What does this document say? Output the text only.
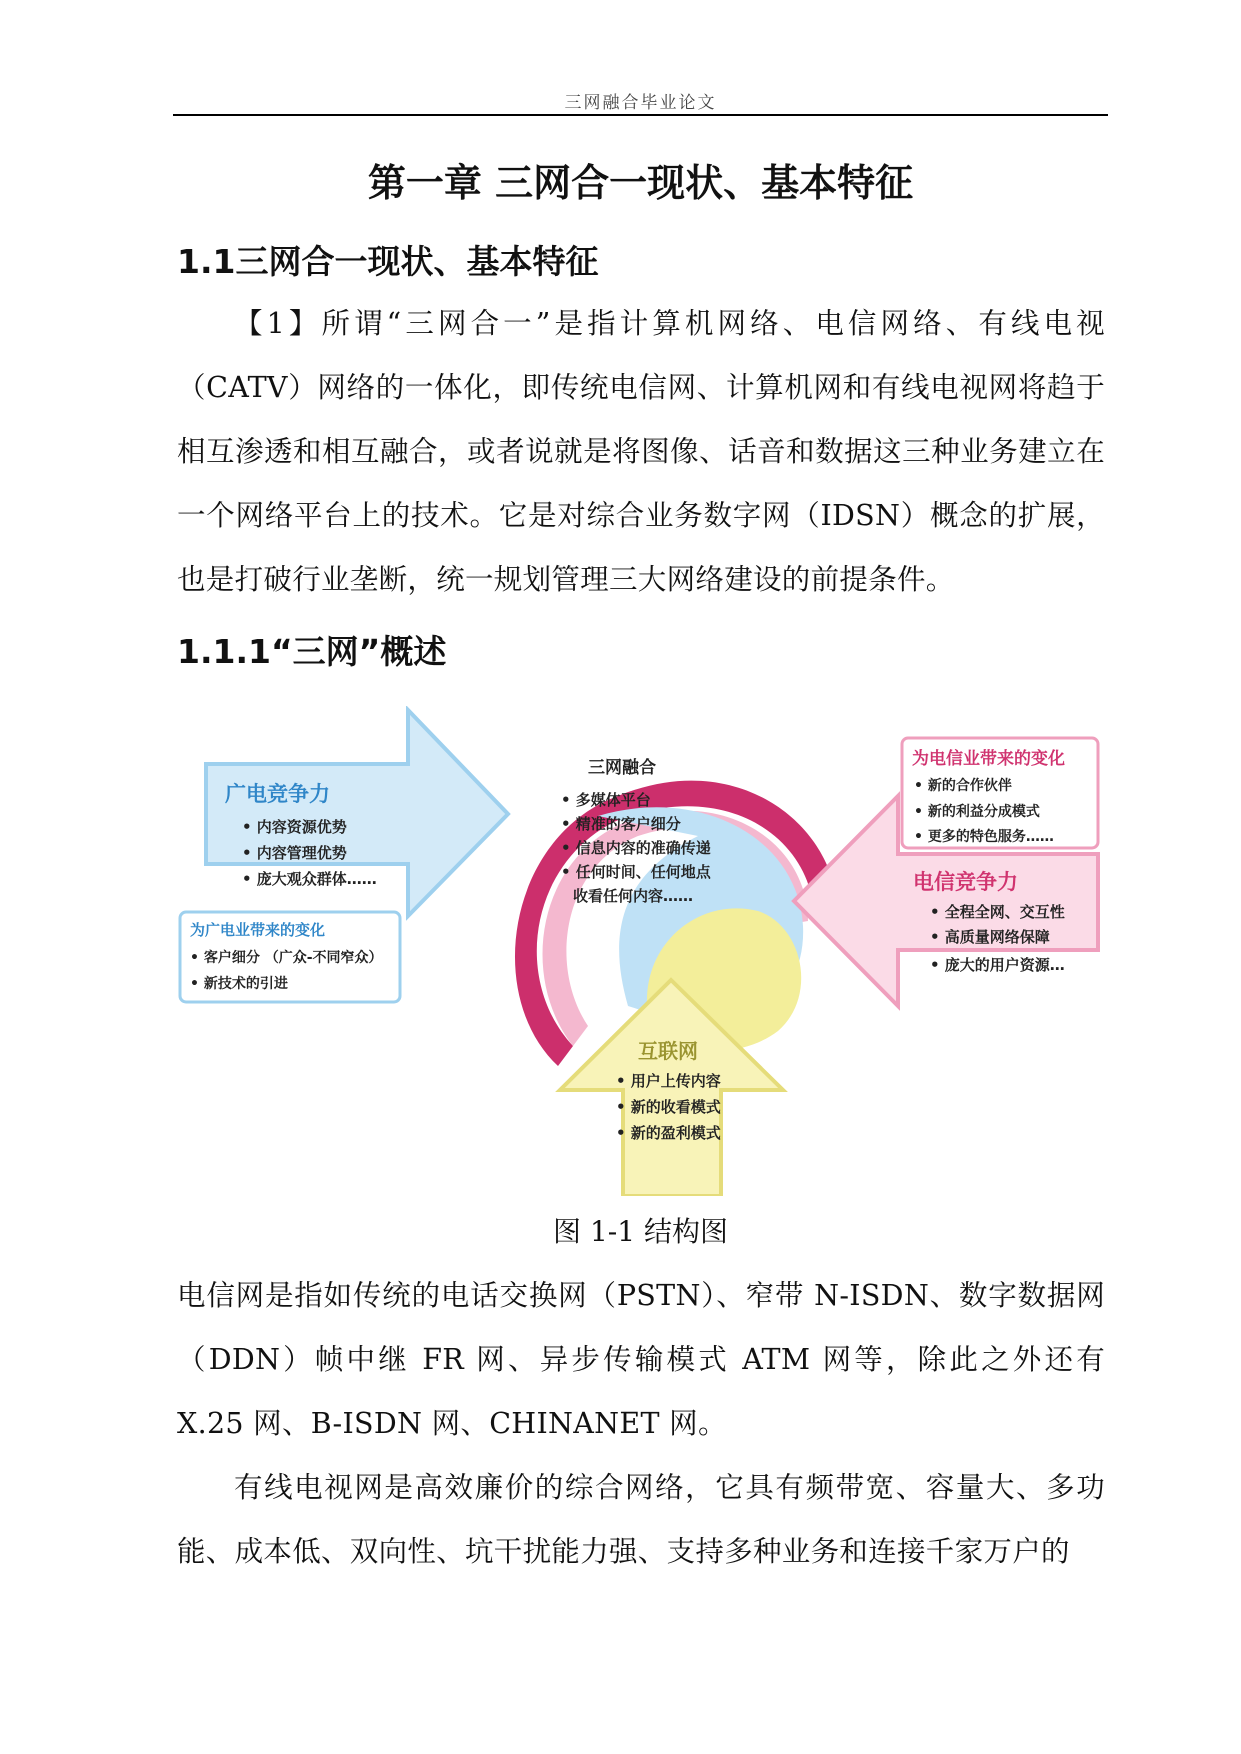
三网融合毕业论文
第一章 三网合一现状、基本特征
1.1三网合一现状、基本特征
【1】所谓“三网合一”是指计算机网络、电信网络、有线电视（CATV）网络的一体化，即传统电信网、计算机网和有线电视网将趋于相互渗透和相互融合，或者说就是将图像、话音和数据这三种业务建立在一个网络平台上的技术。它是对综合业务数字网（IDSN）概念的扩展，也是打破行业垄断，统一规划管理三大网络建设的前提条件。
1.1.1“三网”概述
广电竞争力
• 内容资源优势
• 内容管理优势
• 庞大观众群体……
为广电业带来的变化
• 客户细分 （广众-不同窄众）
• 新技术的引进
三网融合
• 多媒体平台
• 精准的客户细分
• 信息内容的准确传递
• 任何时间、任何地点
收看任何内容……
为电信业带来的变化
• 新的合作伙伴
• 新的利益分成模式
• 更多的特色服务……
电信竞争力
• 全程全网、交互性
• 高质量网络保障
• 庞大的用户资源…
互联网
• 用户上传内容
• 新的收看模式
• 新的盈利模式
图 1-1 结构图
电信网是指如传统的电话交换网（PSTN）、窄带 N-ISDN、数字数据网（DDN）帧中继 FR 网、异步传输模式 ATM 网等，除此之外还有 X.25 网、B-ISDN 网、CHINANET 网。
有线电视网是高效廉价的综合网络，它具有频带宽、容量大、多功能、成本低、双向性、坑干扰能力强、支持多种业务和连接千家万户的
